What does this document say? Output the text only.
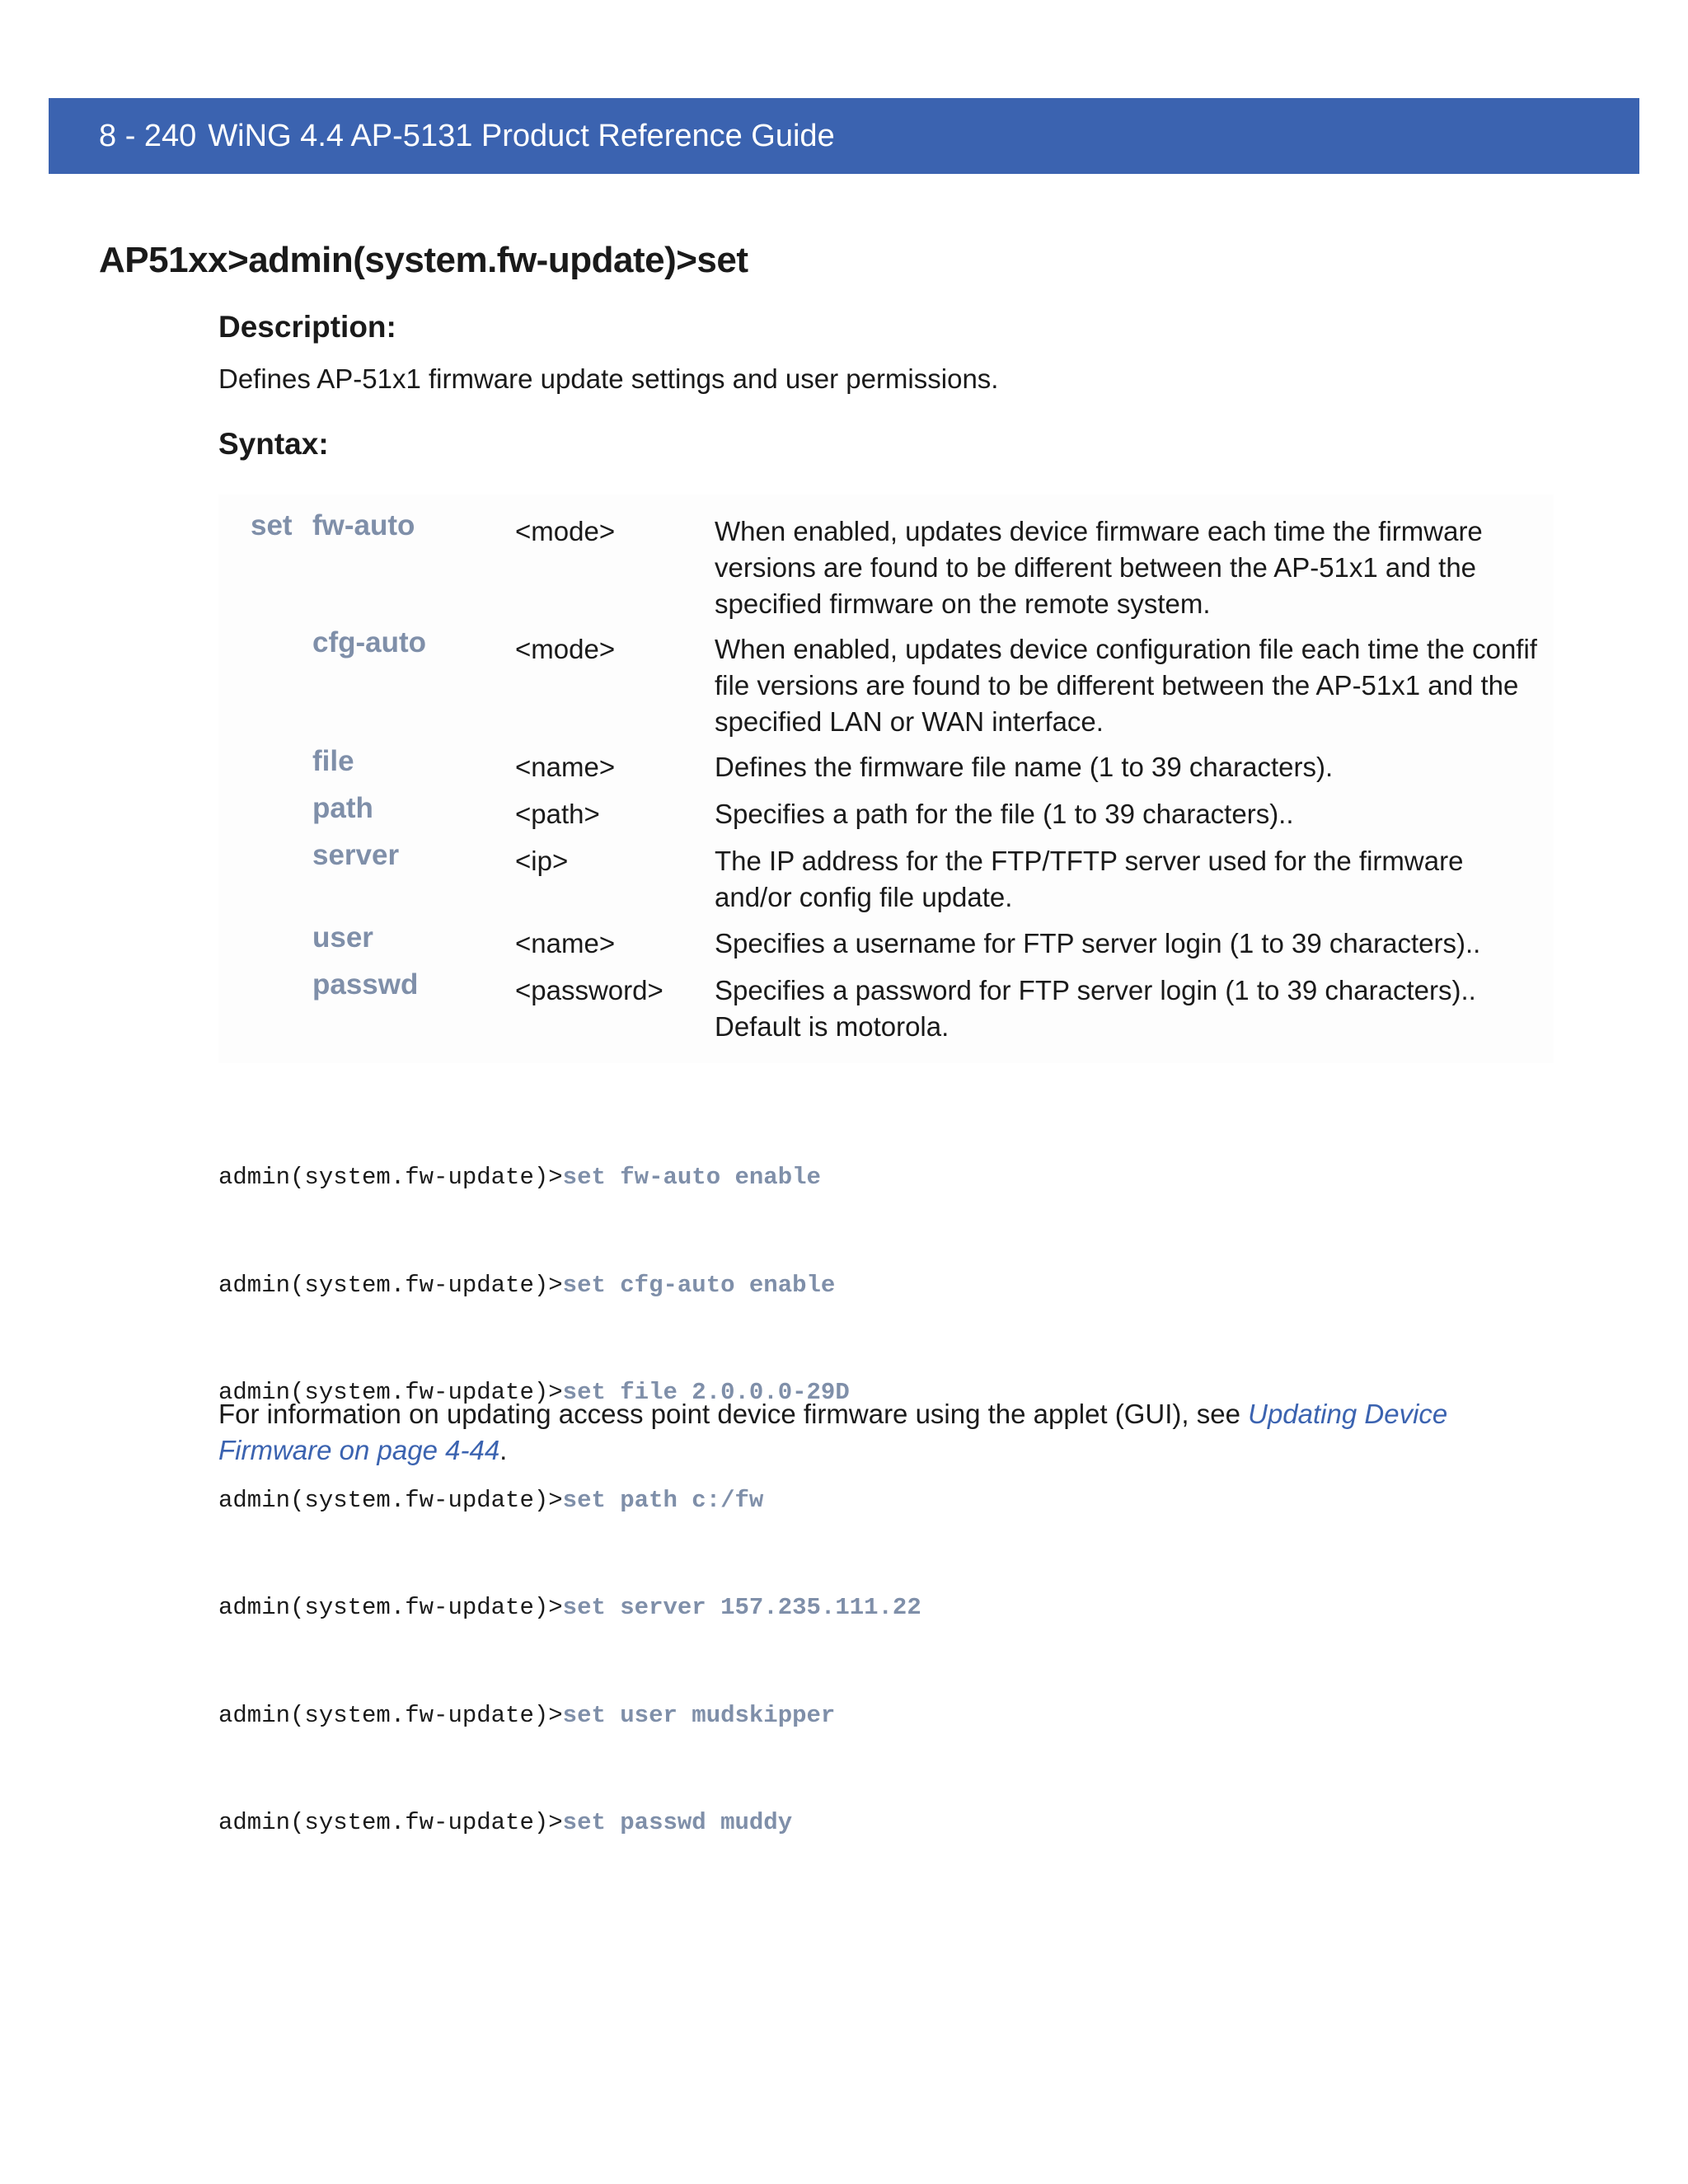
8 - 240 WiNG 4.4 AP-5131 Product Reference Guide
AP51xx>admin(system.fw-update)>set
Description:
Defines AP-51x1 firmware update settings and user permissions.
Syntax:
set fw-auto	<mode>	When enabled, updates device firmware each time the firmware versions are found to be different between the AP-51x1 and the specified firmware on the remote system.
cfg-auto	<mode>	When enabled, updates device configuration file each time the confif file versions are found to be different between the AP-51x1 and the specified LAN or WAN interface.
file	<name>	Defines the firmware file name (1 to 39 characters).
path	<path>	Specifies a path for the file (1 to 39 characters)..
server	<ip>	The IP address for the FTP/TFTP server used for the firmware and/or config file update.
user	<name>	Specifies a username for FTP server login (1 to 39 characters)..
passwd	<password> Specifies a password for FTP server login (1 to 39 characters).. Default is motorola.

admin(system.fw-update)>set fw-auto enable

admin(system.fw-update)>set cfg-auto enable

admin(system.fw-update)>set file 2.0.0.0-29D

admin(system.fw-update)>set path c:/fw

admin(system.fw-update)>set server 157.235.111.22

admin(system.fw-update)>set user mudskipper

admin(system.fw-update)>set passwd muddy

For information on updating access point device firmware using the applet (GUI), see Updating Device Firmware on page 4-44.
